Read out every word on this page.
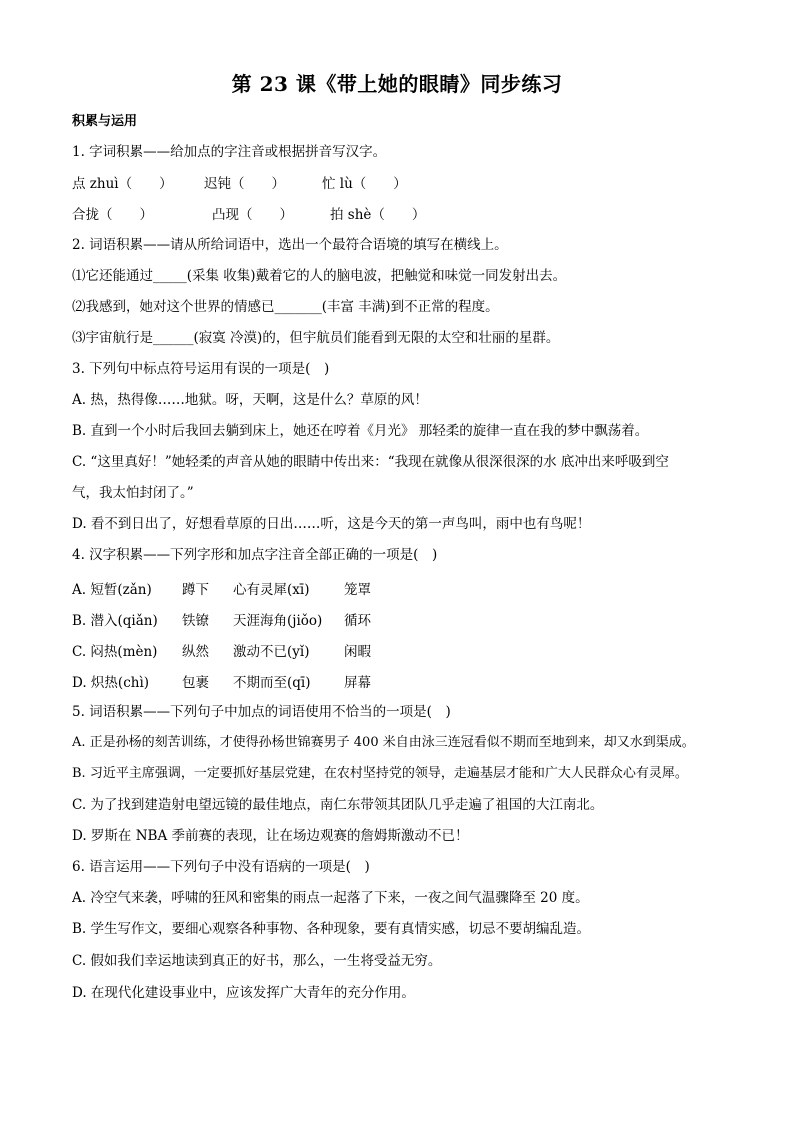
第 23 课《带上她的眼睛》同步练习
积累与运用
1. 字词积累——给加点的字注音或根据拼音写汉字。
点 zhuì（　　） 迟钝（　　）	忙 lù（　　）
合拢（　　）	凸现（　　）	拍 shè（　　）
2. 词语积累——请从所给词语中，选出一个最符合语境的填写在横线上。
⑴它还能通过_____(采集 收集)戴着它的人的脑电波，把触觉和味觉一同发射出去。
⑵我感到，她对这个世界的情感已_______(丰富 丰满)到不正常的程度。
⑶宇宙航行是______(寂寞 冷漠)的，但宇航员们能看到无限的太空和壮丽的星群。
3. 下列句中标点符号运用有误的一项是(　)
A. 热，热得像……地狱。呀，天啊，这是什么？草原的风！
B. 直到一个小时后我回去躺到床上，她还在哼着《月光》 那轻柔的旋律一直在我的梦中飘荡着。
C. “这里真好！”她轻柔的声音从她的眼睛中传出来：“我现在就像从很深很深的水 底冲出来呼吸到空
气，我太怕封闭了。”
D. 看不到日出了，好想看草原的日出……听，这是今天的第一声鸟叫，雨中也有鸟呢！
4. 汉字积累——下列字形和加点字注音全部正确的一项是(　)
A. 短暂(zǎn) 蹲下 心有灵犀(xī)	笼罩
B. 潜入(qiǎn) 铁镣 天涯海角(jiǒo) 循环
C. 闷热(mèn) 纵然 激动不已(yǐ)	闲暇
D. 炽热(chì) 包裹 不期而至(qī) 屏幕
5. 词语积累——下列句子中加点的词语使用不恰当的一项是(　)
A. 正是孙杨的刻苦训练，才使得孙杨世锦赛男子 400 米自由泳三连冠看似不期而至地到来，却又水到渠成。
B. 习近平主席强调，一定要抓好基层党建，在农村坚持党的领导，走遍基层才能和广大人民群众心有灵犀。
C. 为了找到建造射电望远镜的最佳地点，南仁东带领其团队几乎走遍了祖国的大江南北。
D. 罗斯在 NBA 季前赛的表现，让在场边观赛的詹姆斯激动不已！
6. 语言运用——下列句子中没有语病的一项是(　)
A. 冷空气来袭，呼啸的狂风和密集的雨点一起落了下来，一夜之间气温骤降至 20 度。
B. 学生写作文，要细心观察各种事物、各种现象，要有真情实感，切忌不要胡编乱造。
C. 假如我们幸运地读到真正的好书，那么，一生将受益无穷。
D. 在现代化建设事业中，应该发挥广大青年的充分作用。
